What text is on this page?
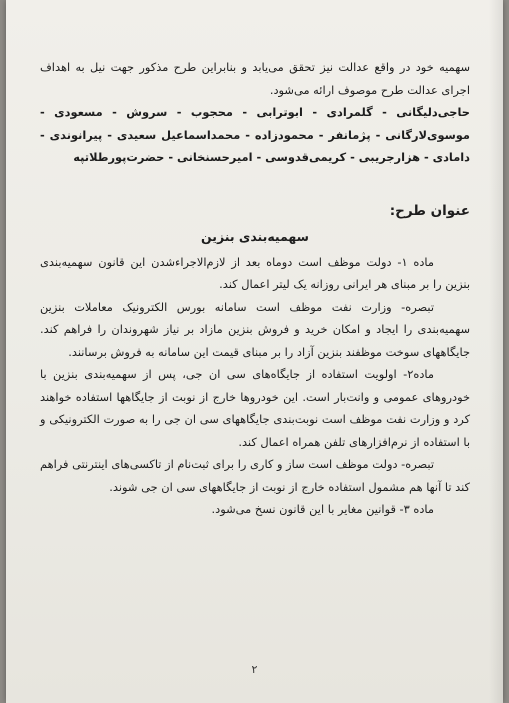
سهمیه خود در واقع عدالت نیز تحقق می‌یابد و بنابراین طرح مذکور جهت نیل به اهداف اجرای عدالت طرح موصوف ارائه می‌شود.

حاجی‌دلیگانی - گلمرادی - ابوترابی - محجوب - سروش - مسعودی - موسوی‌لارگانی - پژمانفر - محمودزاده - محمداسماعیل سعیدی - پیرانوندی - دامادی - هزارجریبی - کریمی‌قدوسی - امیرحسنخانی - حضرت‌پورطلاتپه

عنوان طرح:

سهمیه‌بندی بنزین

ماده ۱- دولت موظف است دوماه بعد از لازم‌الاجراءشدن این قانون سهمیه‌بندی بنزین را بر مبنای هر ایرانی روزانه یک لیتر اعمال کند.

تبصره- وزارت نفت موظف است سامانه بورس الکترونیک معاملات بنزین سهمیه‌بندی را ایجاد و امکان خرید و فروش بنزین مازاد بر نیاز شهروندان را فراهم کند. جایگاههای سوخت موظفند بنزین آزاد را بر مبنای قیمت این سامانه به فروش برسانند.

ماده۲- اولویت استفاده از جایگاه‌های سی ان جی، پس از سهمیه‌بندی بنزین با خودروهای عمومی و وانت‌بار است. این خودروها خارج از نوبت از جایگاهها استفاده خواهند کرد و وزارت نفت موظف است نوبت‌بندی جایگاههای سی ان جی را به صورت الکترونیکی و با استفاده از نرم‌افزارهای تلفن همراه اعمال کند.

تبصره- دولت موظف است ساز و کاری را برای ثبت‌نام از تاکسی‌های اینترنتی فراهم کند تا آنها هم مشمول استفاده خارج از نوبت از جایگاههای سی ان جی شوند.

ماده ۳- قوانین مغایر با این قانون نسخ می‌شود.

۲
